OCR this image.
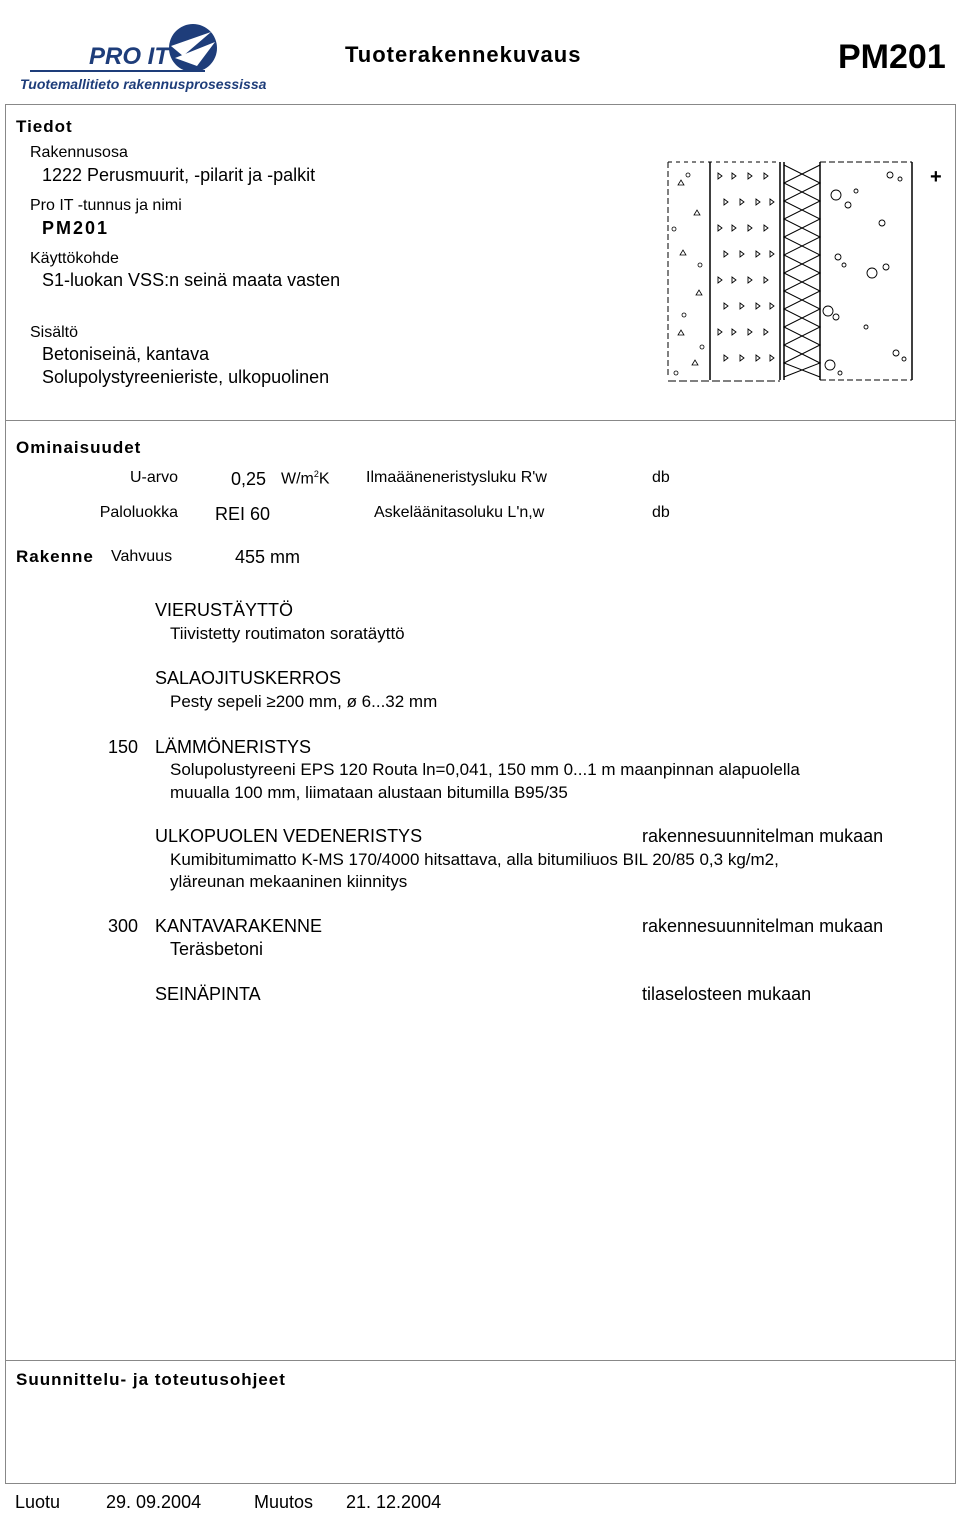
PRO IT
Tuotemallitieto rakennusprosessissa
Tuoterakennekuvaus	PM201
Tiedot
Rakennusosa
1222 Perusmuurit, -pilarit ja -palkit
Pro IT -tunnus ja nimi
PM201
Käyttökohde
S1-luokan VSS:n seinä maata vasten
Sisältö
Betoniseinä, kantava
Solupolystyreenieriste, ulkopuolinen
+
Ominaisuudet
U-arvo	0,25 $W/m^2K$ Ilmaääneneristysluku R'w	db
Paloluokka REI 60	Askeläänitasoluku L'n,w	db
Rakenne Vahvuus	455 mm
VIERUSTÄYTTÖ
Tiivistetty routimaton soratäyttö
SALAOJITUSKERROS
Pesty sepeli ≥200 mm, ø 6...32 mm
150 LÄMMÖNERISTYS
Solupolustyreeni EPS 120 Routa ln=0,041, 150 mm 0...1 m maanpinnan alapuolella
muualla 100 mm, liimataan alustaan bitumilla B95/35
ULKOPUOLEN VEDENERISTYS	rakennesuunnitelman mukaan
Kumibitumimatto K-MS 170/4000 hitsattava, alla bitumiliuos BIL 20/85 0,3 kg/m2,
yläreunan mekaaninen kiinnitys
300 KANTAVARAKENNE	rakennesuunnitelman mukaan
Teräsbetoni
SEINÄPINTA	tilaselosteen mukaan
Suunnittelu- ja toteutusohjeet
Luotu	29. 09.2004	Muutos 21. 12.2004
